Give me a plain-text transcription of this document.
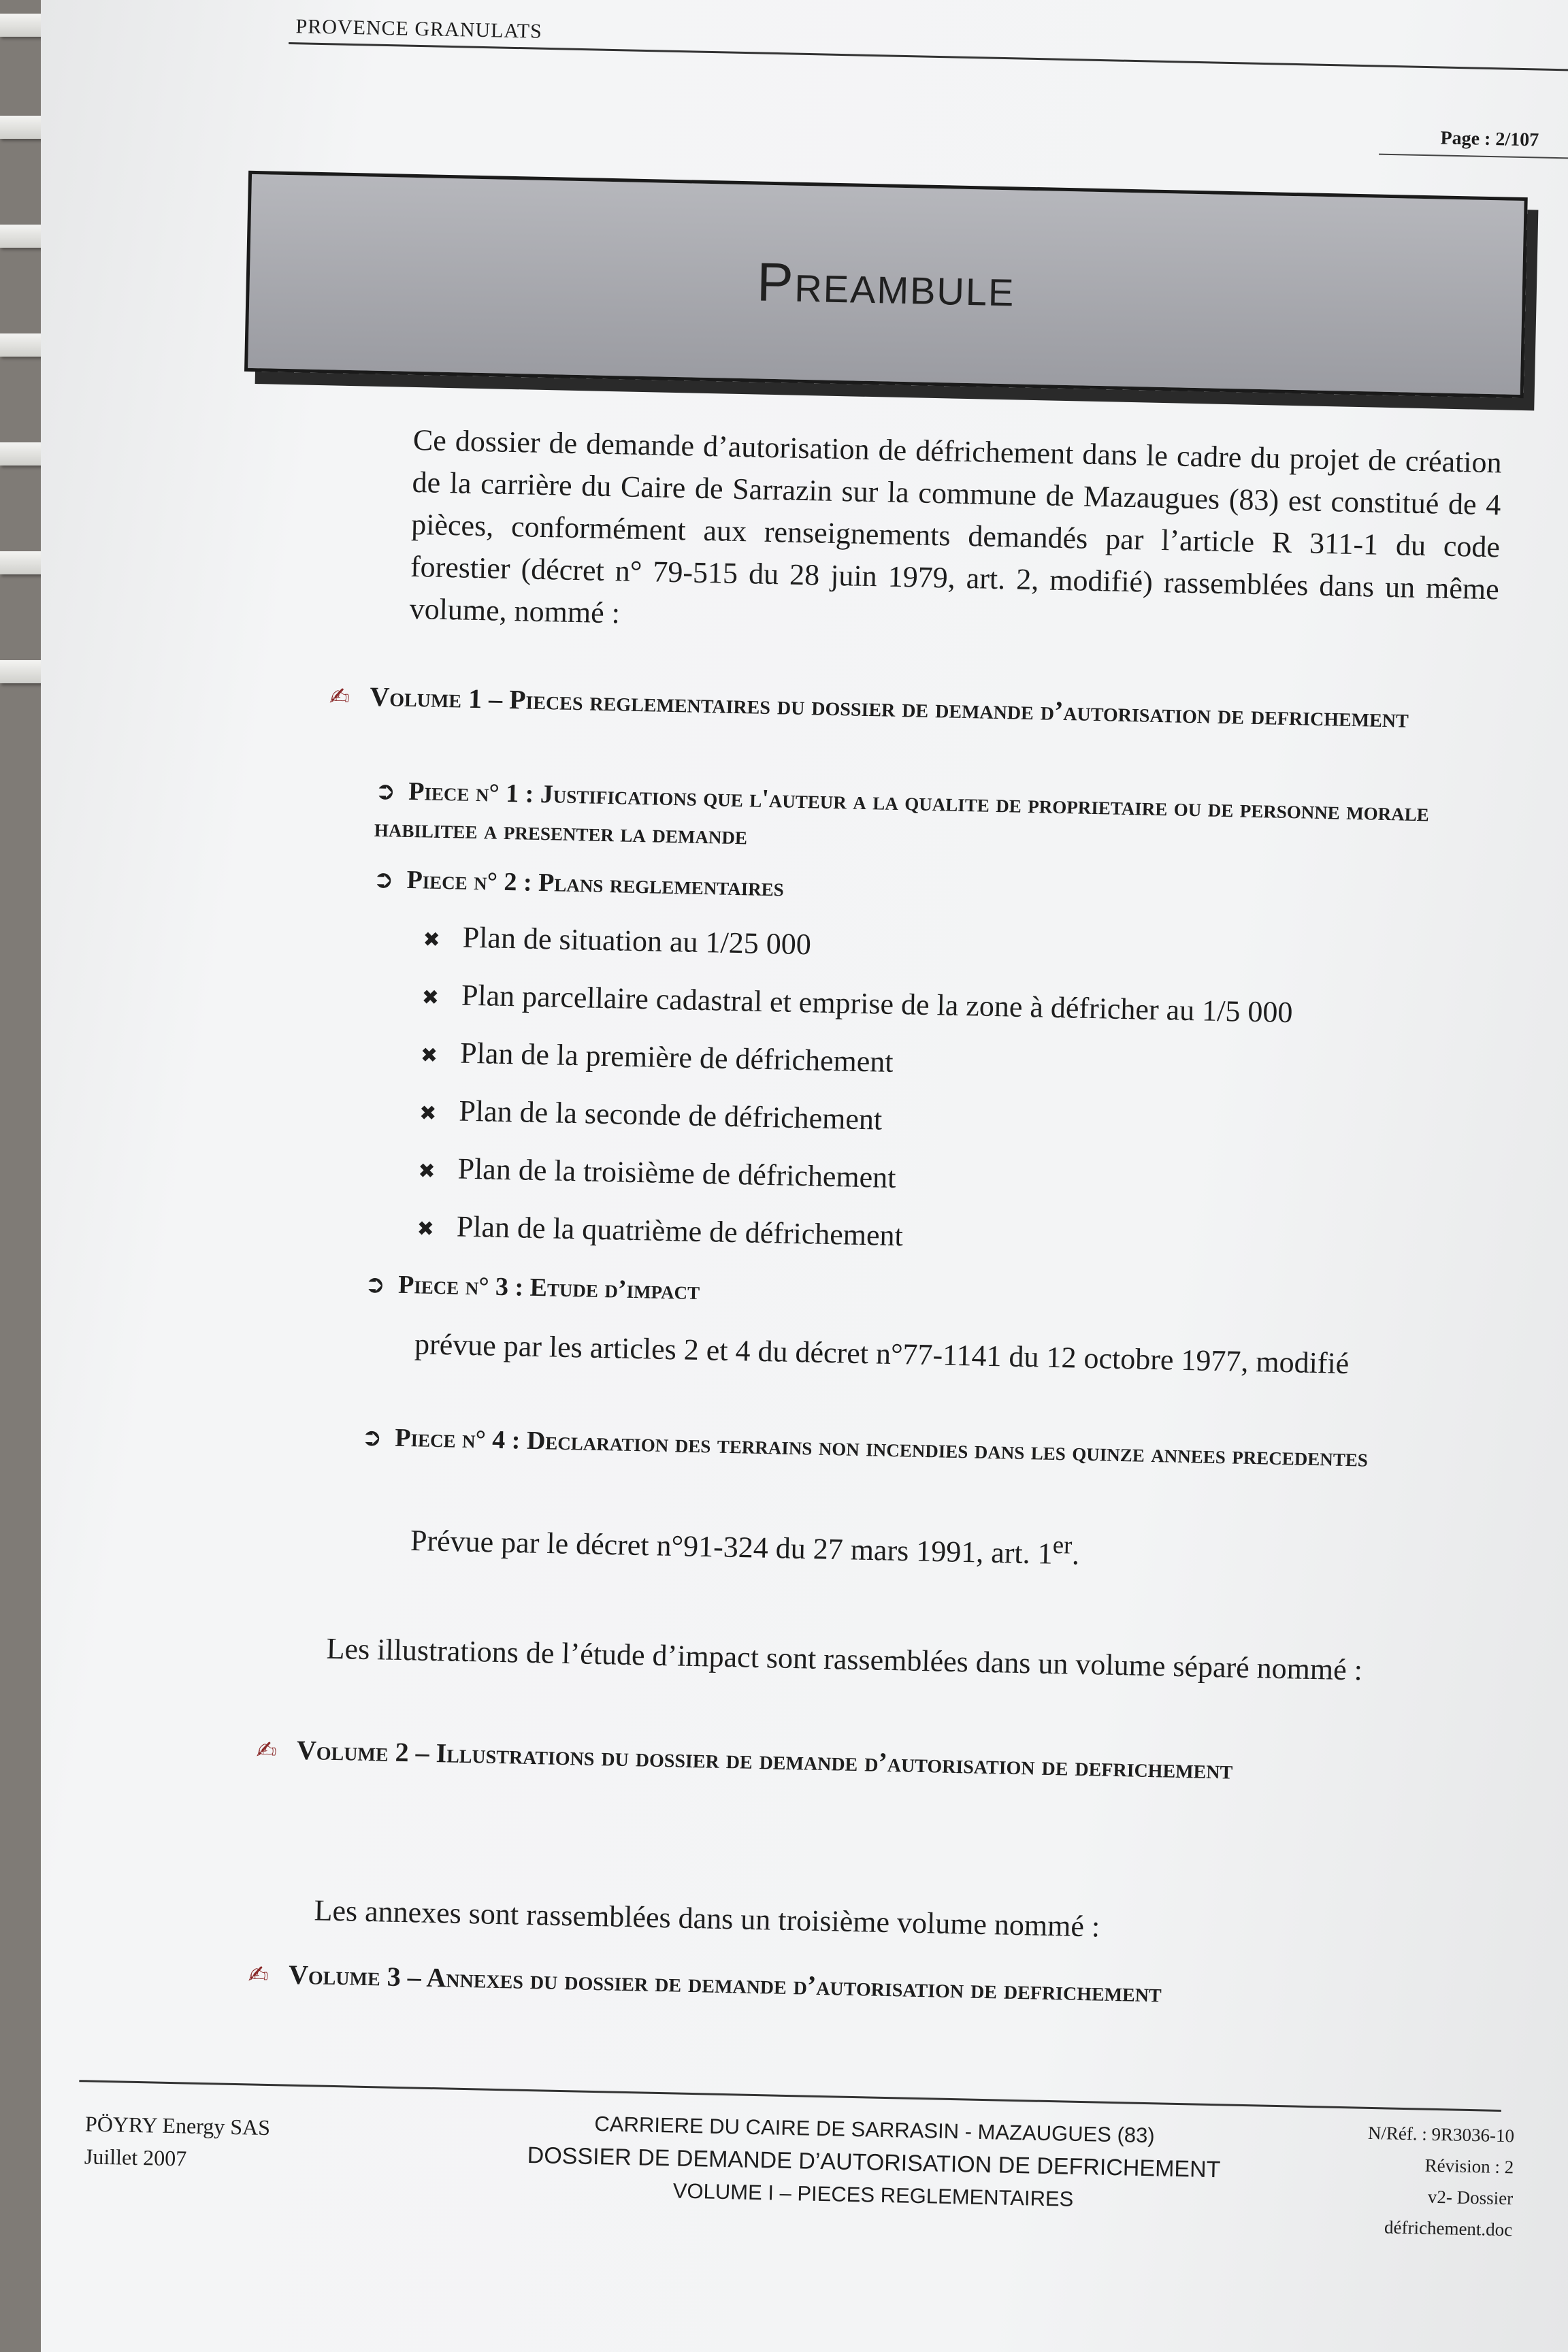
PROVENCE GRANULATS
Page : 2/107
Preambule
Ce dossier de demande d’autorisation de défrichement dans le cadre du projet de création de la carrière du Caire de Sarrazin sur la commune de Mazaugues (83) est constitué de 4 pièces, conformément aux renseignements demandés par l’article R 311-1 du code forestier (décret n° 79-515 du 28 juin 1979, art. 2, modifié) rassemblées dans un même volume, nommé :
✍ Volume 1 – Pieces reglementaires du dossier de demande d’autorisation de defrichement
➲ Piece n° 1 : Justifications que l'auteur a la qualite de proprietaire ou de personne morale habilitee a presenter la demande
➲ Piece n° 2 : Plans reglementaires
✖ Plan de situation au 1/25 000
✖ Plan parcellaire cadastral et emprise de la zone à défricher au 1/5 000
✖ Plan de la première de défrichement
✖ Plan de la seconde de défrichement
✖ Plan de la troisième de défrichement
✖ Plan de la quatrième de défrichement
➲ Piece n° 3 : Etude d’impact
prévue par les articles 2 et 4 du décret n°77-1141 du 12 octobre 1977, modifié
➲ Piece n° 4 : Declaration des terrains non incendies dans les quinze annees precedentes
Prévue par le décret n°91-324 du 27 mars 1991, art. 1er.
Les illustrations de l’étude d’impact sont rassemblées dans un volume séparé nommé :
✍ Volume 2 – Illustrations du dossier de demande d’autorisation de defrichement
Les annexes sont rassemblées dans un troisième volume nommé :
✍ Volume 3 – Annexes du dossier de demande d’autorisation de defrichement
PÖYRY Energy SAS
Juillet 2007
CARRIERE DU CAIRE DE SARRASIN - MAZAUGUES (83)
DOSSIER DE DEMANDE D’AUTORISATION DE DEFRICHEMENT
VOLUME I – PIECES REGLEMENTAIRES
N/Réf. : 9R3036-10
Révision : 2
v2- Dossier défrichement.doc
